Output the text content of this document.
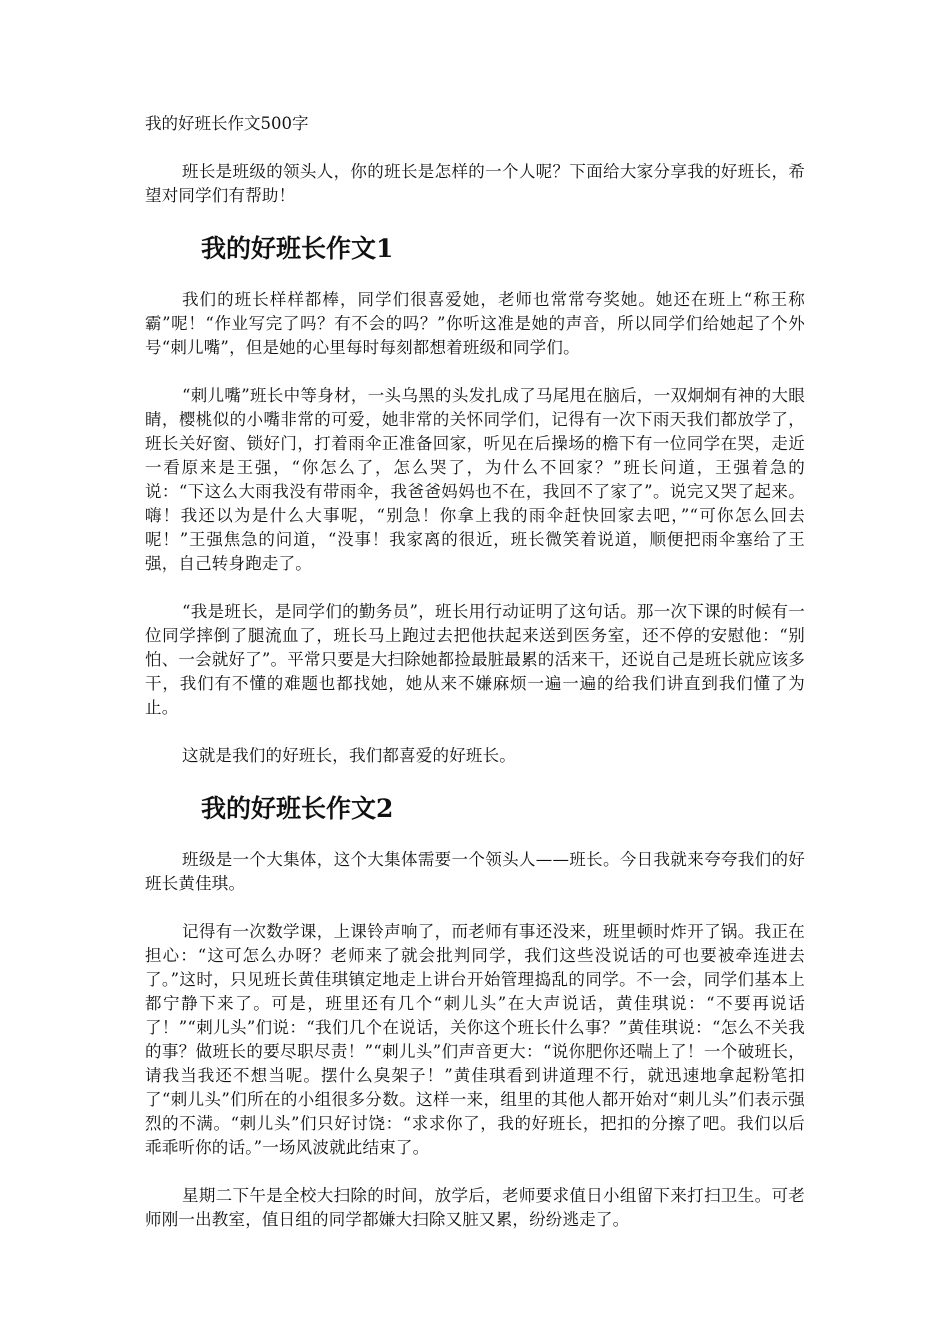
我的好班长作文500字

班长是班级的领头人，你的班长是怎样的一个人呢？下面给大家分享我的好班长，希望对同学们有帮助！

我的好班长作文1

我们的班长样样都棒，同学们很喜爱她，老师也常常夸奖她。她还在班上“称王称霸”呢！“作业写完了吗？有不会的吗？”你听这准是她的声音，所以同学们给她起了个外号“刺儿嘴”，但是她的心里每时每刻都想着班级和同学们。

“刺儿嘴”班长中等身材，一头乌黑的头发扎成了马尾甩在脑后，一双炯炯有神的大眼睛，樱桃似的小嘴非常的可爱，她非常的关怀同学们，记得有一次下雨天我们都放学了，班长关好窗、锁好门，打着雨伞正准备回家，听见在后操场的檐下有一位同学在哭，走近一看原来是王强，“你怎么了，怎么哭了，为什么不回家？”班长问道，王强着急的说：“下这么大雨我没有带雨伞，我爸爸妈妈也不在，我回不了家了”。说完又哭了起来。嗨！我还以为是什么大事呢，“别急！你拿上我的雨伞赶快回家去吧，”“可你怎么回去呢！”王强焦急的问道，“没事！我家离的很近，班长微笑着说道，顺便把雨伞塞给了王强，自己转身跑走了。

“我是班长，是同学们的勤务员”，班长用行动证明了这句话。那一次下课的时候有一位同学摔倒了腿流血了，班长马上跑过去把他扶起来送到医务室，还不停的安慰他：“别怕、一会就好了”。平常只要是大扫除她都捡最脏最累的活来干，还说自己是班长就应该多干，我们有不懂的难题也都找她，她从来不嫌麻烦一遍一遍的给我们讲直到我们懂了为止。

这就是我们的好班长，我们都喜爱的好班长。

我的好班长作文2

班级是一个大集体，这个大集体需要一个领头人——班长。今日我就来夸夸我们的好班长黄佳琪。

记得有一次数学课，上课铃声响了，而老师有事还没来，班里顿时炸开了锅。我正在担心：“这可怎么办呀？老师来了就会批判同学，我们这些没说话的可也要被牵连进去了。”这时，只见班长黄佳琪镇定地走上讲台开始管理捣乱的同学。不一会，同学们基本上都宁静下来了。可是，班里还有几个“刺儿头”在大声说话，黄佳琪说：“不要再说话了！”“刺儿头”们说：“我们几个在说话，关你这个班长什么事？”黄佳琪说：“怎么不关我的事？做班长的要尽职尽责！”“刺儿头”们声音更大：“说你肥你还喘上了！一个破班长，请我当我还不想当呢。摆什么臭架子！”黄佳琪看到讲道理不行，就迅速地拿起粉笔扣了“刺儿头”们所在的小组很多分数。这样一来，组里的其他人都开始对“刺儿头”们表示强烈的不满。“刺儿头”们只好讨饶：“求求你了，我的好班长，把扣的分擦了吧。我们以后乖乖听你的话。”一场风波就此结束了。

星期二下午是全校大扫除的时间，放学后，老师要求值日小组留下来打扫卫生。可老师刚一出教室，值日组的同学都嫌大扫除又脏又累，纷纷逃走了。
